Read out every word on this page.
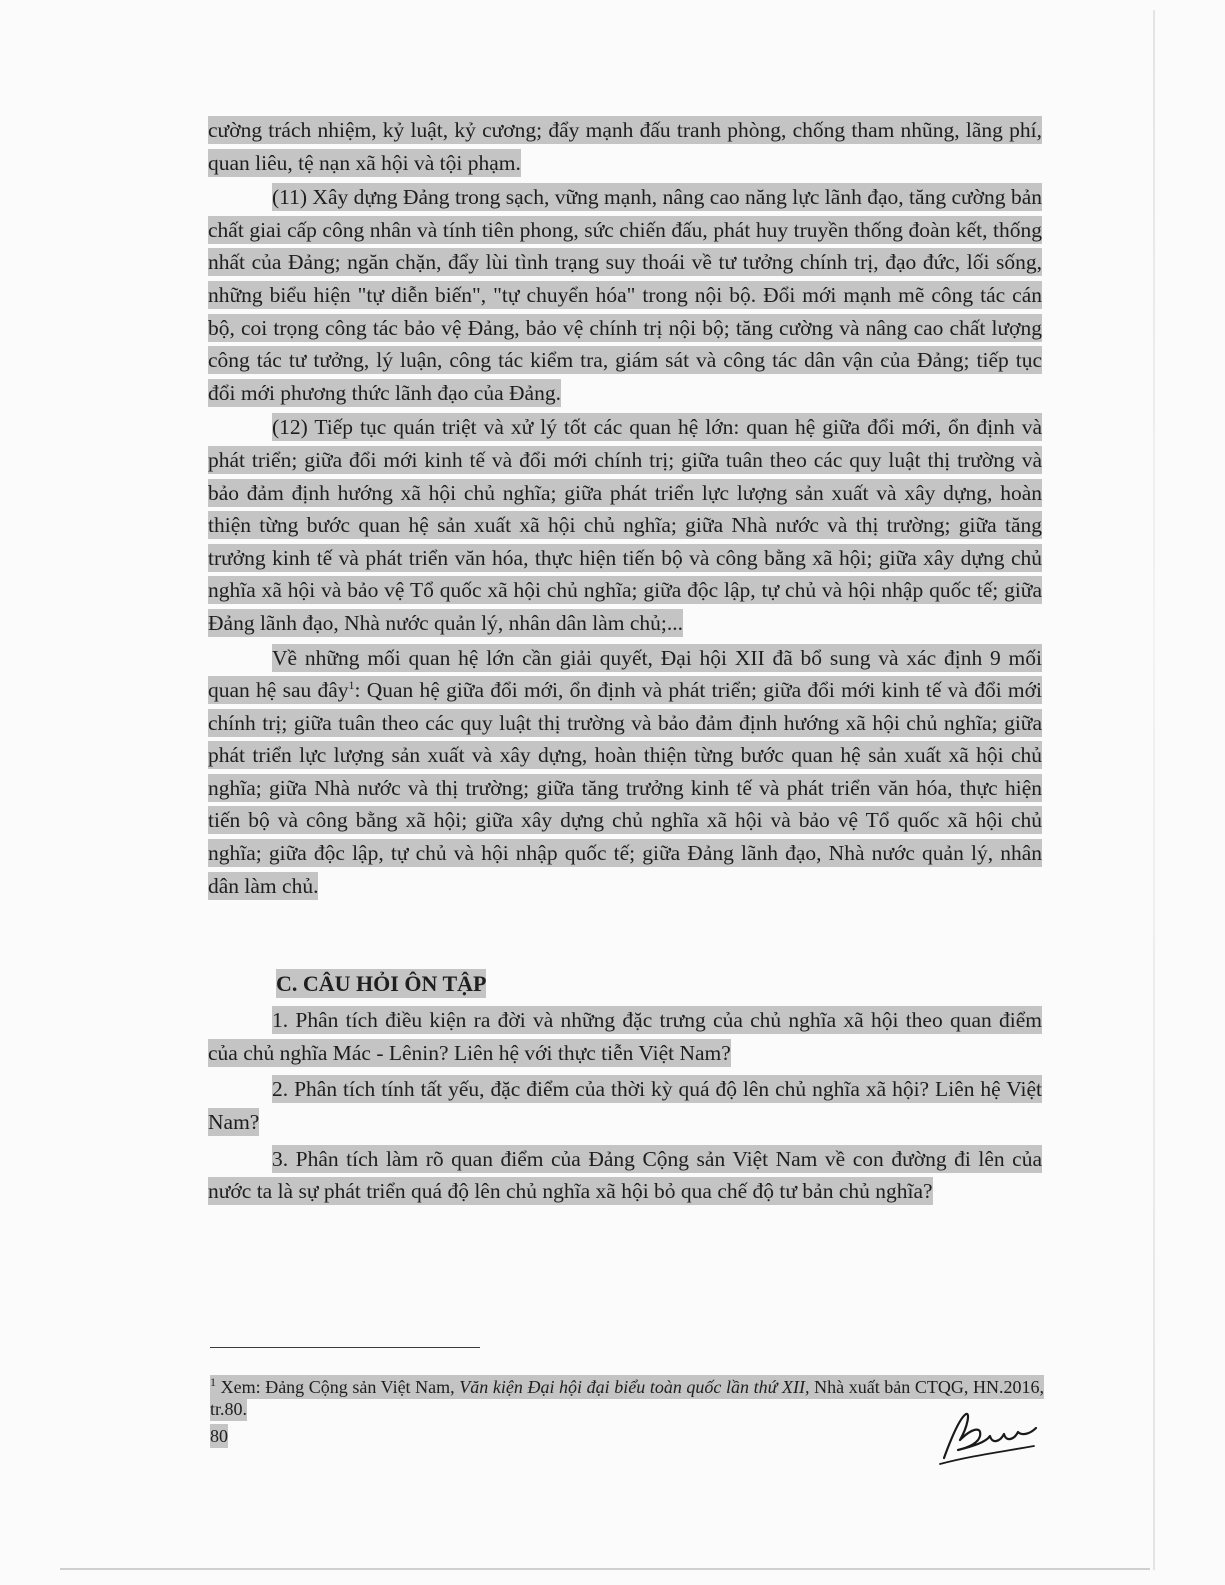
cường trách nhiệm, kỷ luật, kỷ cương; đẩy mạnh đấu tranh phòng, chống tham nhũng, lãng phí, quan liêu, tệ nạn xã hội và tội phạm.

(11) Xây dựng Đảng trong sạch, vững mạnh, nâng cao năng lực lãnh đạo, tăng cường bản chất giai cấp công nhân và tính tiên phong, sức chiến đấu, phát huy truyền thống đoàn kết, thống nhất của Đảng; ngăn chặn, đẩy lùi tình trạng suy thoái về tư tưởng chính trị, đạo đức, lối sống, những biểu hiện "tự diễn biến", "tự chuyển hóa" trong nội bộ. Đổi mới mạnh mẽ công tác cán bộ, coi trọng công tác bảo vệ Đảng, bảo vệ chính trị nội bộ; tăng cường và nâng cao chất lượng công tác tư tưởng, lý luận, công tác kiểm tra, giám sát và công tác dân vận của Đảng; tiếp tục đổi mới phương thức lãnh đạo của Đảng.

(12) Tiếp tục quán triệt và xử lý tốt các quan hệ lớn: quan hệ giữa đổi mới, ổn định và phát triển; giữa đổi mới kinh tế và đổi mới chính trị; giữa tuân theo các quy luật thị trường và bảo đảm định hướng xã hội chủ nghĩa; giữa phát triển lực lượng sản xuất và xây dựng, hoàn thiện từng bước quan hệ sản xuất xã hội chủ nghĩa; giữa Nhà nước và thị trường; giữa tăng trưởng kinh tế và phát triển văn hóa, thực hiện tiến bộ và công bằng xã hội; giữa xây dựng chủ nghĩa xã hội và bảo vệ Tổ quốc xã hội chủ nghĩa; giữa độc lập, tự chủ và hội nhập quốc tế; giữa Đảng lãnh đạo, Nhà nước quản lý, nhân dân làm chủ;...

Về những mối quan hệ lớn cần giải quyết, Đại hội XII đã bổ sung và xác định 9 mối quan hệ sau đây$^1$: Quan hệ giữa đổi mới, ổn định và phát triển; giữa đổi mới kinh tế và đổi mới chính trị; giữa tuân theo các quy luật thị trường và bảo đảm định hướng xã hội chủ nghĩa; giữa phát triển lực lượng sản xuất và xây dựng, hoàn thiện từng bước quan hệ sản xuất xã hội chủ nghĩa; giữa Nhà nước và thị trường; giữa tăng trưởng kinh tế và phát triển văn hóa, thực hiện tiến bộ và công bằng xã hội; giữa xây dựng chủ nghĩa xã hội và bảo vệ Tổ quốc xã hội chủ nghĩa; giữa độc lập, tự chủ và hội nhập quốc tế; giữa Đảng lãnh đạo, Nhà nước quản lý, nhân dân làm chủ.

C. CÂU HỎI ÔN TẬP

1. Phân tích điều kiện ra đời và những đặc trưng của chủ nghĩa xã hội theo quan điểm của chủ nghĩa Mác - Lênin? Liên hệ với thực tiễn Việt Nam?

2. Phân tích tính tất yếu, đặc điểm của thời kỳ quá độ lên chủ nghĩa xã hội? Liên hệ Việt Nam?

3. Phân tích làm rõ quan điểm của Đảng Cộng sản Việt Nam về con đường đi lên của nước ta là sự phát triển quá độ lên chủ nghĩa xã hội bỏ qua chế độ tư bản chủ nghĩa?

$^1$ Xem: Đảng Cộng sản Việt Nam, Văn kiện Đại hội đại biểu toàn quốc lần thứ XII, Nhà xuất bản CTQG, HN.2016, tr.80.
80
